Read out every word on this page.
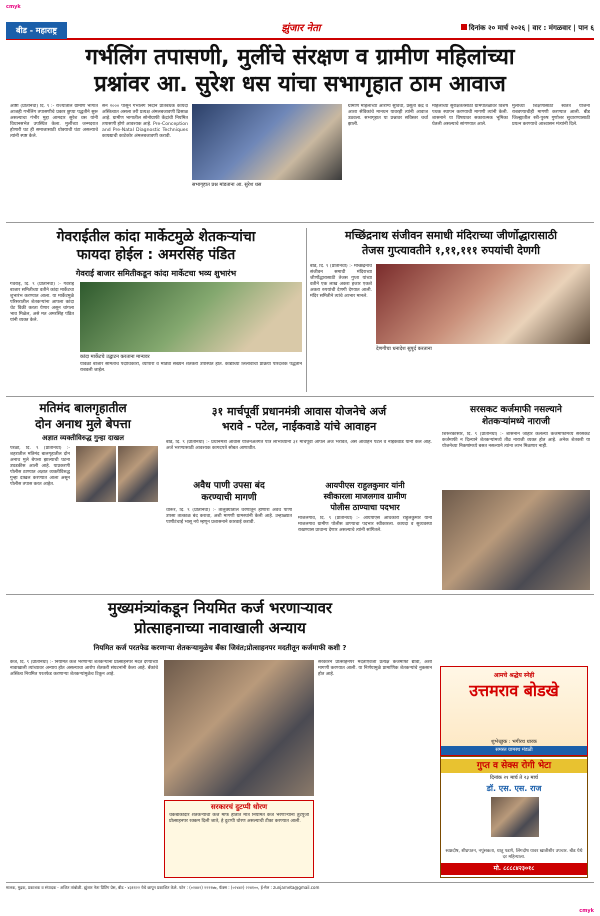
cmyk
बीड - महाराष्ट्र	झुंजार नेता	दिनांक २० मार्च २०२६ | वार : मंगळवार | पान ६
गर्भलिंग तपासणी, मुलींचे संरक्षण व ग्रामीण महिलांच्या
प्रश्नांवर आ. सुरेश धस यांचा सभागृहात ठाम आवाज
आष्टी (प्रतिनिधी) दि. ९ :- राज्यातील ग्रामीण भागात आजही गर्भलिंग तपासणीचे प्रकार छुप्या पद्धतीने सुरू असल्याचा गंभीर मुद्दा आमदार सुरेश धस यांनी विधानसभेत उपस्थित केला. मुलींच्या जन्मदरात होणारी घट ही समाजासाठी धोक्याची घंटा असल्याचे त्यांनी स्पष्ट केले.
सन २००० पासून गर्भलिंग निदान प्रतिबंधक कायदा अस्तित्वात असला तरी प्रत्यक्ष अंमलबजावणी ढिसाळ आहे. ग्रामीण भागातील सोनोग्राफी केंद्रांची नियमित तपासणी होणे आवश्यक आहे. Pre-Conception and Pre-Natal Diagnostic Techniques कायद्याची काटेकोर अंमलबजावणी करावी.
सभागृहात प्रश्न मांडताना आ. सुरेश धस
ग्रामीण महिलांच्या आरोग्य सुविधा, प्रसूती केंद्रे व आशा सेविकांचे मानधन यावरही त्यांनी आवाज उठवला. सभागृहात या प्रश्नावर सविस्तर चर्चा झाली.
महिलांच्या सुरक्षिततेसाठी ग्रामपातळीवर विशेष पथक स्थापन करण्याची मागणी त्यांनी केली. शासनाने या विषयावर सकारात्मक भूमिका घेतली असल्याचे सांगण्यात आले.
मुलींच्या शिक्षणासाठी स्वतंत्र योजना राबवण्याचीही मागणी करण्यात आली. बीड जिल्ह्यातील स्त्री-पुरुष गुणोत्तर सुधारण्यासाठी प्रयत्न करण्याचे आश्वासन मंत्र्यांनी दिले.
गेवराईतील कांदा मार्केटमुळे शेतकऱ्यांचा
फायदा होईल : अमरसिंह पंडित
गेवराई बाजार समितीकडून कांदा मार्केटचा भव्य शुभारंभ
गेवराई, दि. ९ (प्रतिनिधी) :- गेवराई बाजार समितीच्या वतीने कांदा मार्केटचा शुभारंभ करण्यात आला. या मार्केटमुळे परिसरातील शेतकऱ्यांना आपला कांदा थेट विक्री करता येणार असून चांगला भाव मिळेल, असे मत अमरसिंह पंडित यांनी व्यक्त केले.
कांदा मार्केटचे उद्घाटन करताना मान्यवर
यावेळी बाजार समितीचे पदाधिकारी, व्यापारी व मोठ्या संख्येने शेतकरी उपस्थित होते. कांद्याच्या लिलावाची प्रक्रिया पारदर्शक पद्धतीने राबवली जाईल.
मच्छिंद्रनाथ संजीवन समाधी मंदिराच्या जीर्णोद्धारासाठी
तेजस गुप्त्यावतीने १,११,१११ रुपयांची देणगी
बीड, दि. ९ (प्रतिनिधी) :- मच्छिंद्रनाथ संजीवन समाधी मंदिराच्या जीर्णोद्धारासाठी तेजस गुप्ता यांच्या वतीने एक लाख अकरा हजार एकशे अकरा रुपयांची देणगी देण्यात आली. मंदिर समितीने त्यांचे आभार मानले.
देणगीचा धनादेश सुपूर्द करताना
मतिमंद बालगृहातील
दोन अनाथ मुले बेपत्ता
अज्ञात व्यक्तीविरुद्ध गुन्हा दाखल
परळी, दि. ९ (प्रतिनिधी) :- शहरातील मतिमंद बालगृहातील दोन अनाथ मुले बेपत्ता झाल्याची घटना उघडकीस आली आहे. याप्रकरणी पोलीस ठाण्यात अज्ञात व्यक्तीविरुद्ध गुन्हा दाखल करण्यात आला असून पोलीस तपास करत आहेत.
३१ मार्चपूर्वी प्रधानमंत्री आवास योजनेचे अर्ज
भरावे - पटेल, नाईकवाडे यांचे आवाहन
बीड, दि. ९ (प्रतिनिधी) :- प्रधानमंत्री आवास योजनेअंतर्गत पात्र लाभार्थ्यांनी ३१ मार्चपूर्वी आपले अर्ज भरावेत, असे आवाहन पटेल व नाईकवाडे यांनी केले आहे. अर्ज भरण्यासाठी आवश्यक कागदपत्रे सोबत आणावीत.
अवैध पाणी उपसा बंद
करण्याची मागणी
धारूर, दि. ९ (प्रतिनिधी) :- तालुक्यातील धरणातून होणारा अवैध पाणी उपसा तात्काळ बंद करावा, अशी मागणी ग्रामस्थांनी केली आहे. उन्हाळ्यात पाणीटंचाई भासू नये म्हणून प्रशासनाने कारवाई करावी.
आयपीएस राहुलकुमार यांनी
स्वीकारला माजलगाव ग्रामीण
पोलीस ठाण्याचा पदभार
माजलगाव, दि. ९ (प्रतिनिधी) :- आयपीएस अधिकारी राहुलकुमार यांनी माजलगाव ग्रामीण पोलीस ठाण्याचा पदभार स्वीकारला. कायदा व सुव्यवस्था राखण्यास प्राधान्य देणार असल्याचे त्यांनी सांगितले.
सरसकट कर्जमाफी नसल्याने
शेतकऱ्यांमध्ये नाराजी
शिरूरकासार, दि. ९ (प्रतिनिधी) :- शासनाने जाहीर केलेल्या कर्जमाफीमध्ये सरसकट कर्जमाफी न दिल्याने शेतकऱ्यांमध्ये तीव्र नाराजी व्यक्त होत आहे. अनेक शेतकरी या योजनेच्या निकषांमध्ये बसत नसल्याने त्यांना लाभ मिळणार नाही.
मुख्यमंत्र्यांकडून नियमित कर्ज भरणाऱ्यावर
प्रोत्साहनाच्या नावाखाली अन्याय
नियमित कर्ज परतफेड करणाऱ्या शेतकऱ्यामुळेच बँका जिवंत;प्रोत्साहनपर मदतीतून कर्जमाफी कशी ?
केज, दि. ९ (प्रतिनिधी) :- नियमित कर्ज भरणाऱ्या शेतकऱ्यांना प्रोत्साहनपर मदत देण्याच्या नावाखाली त्यांच्यावर अन्याय होत असल्याचा आरोप शेतकरी संघटनांनी केला आहे. बँकांचे अस्तित्व नियमित परतफेड करणाऱ्या शेतकऱ्यांमुळेच टिकून आहे.
सरकारने प्रोत्साहनपर मदतीऐवजी प्रत्यक्ष कर्जमाफी द्यावी, अशी मागणी करण्यात आली. या निर्णयामुळे प्रामाणिक शेतकऱ्यांचे नुकसान होत आहे.
सरकारचं दुटप्पी धोरण
थकबाकीदार शेतकऱ्यांची कर्जे माफ होतात मात्र नियमित कर्ज भरणाऱ्यांना तुटपुंजी प्रोत्साहनपर रक्कम दिली जाते, हे दुटप्पी धोरण असल्याची टीका करण्यात आली.
आमचे श्रद्धेय स्नेही
उत्तमराव बोडखे
शुभेच्छुक : भगीरथ धारक
समस्त ग्रामस्थ मंडळी
गुप्त व सेक्स रोगी भेटा
दिनांक २१ मार्च ते २३ मार्च
डॉ. एस. एस. राज
स्वप्नदोष, शीघ्रपतन, नपुंसकता, धातु पडणे, लिंगदोष यावर खात्रीशीर उपचार. बीड येथे दर महिन्याला.
मो. ८८८८४२३०१८
मालक, मुद्रक, प्रकाशक व संपादक - अजित तांबोळी. झुंजार नेता प्रिंटिंग प्रेस, बीड - ४३११२२ येथे छापून प्रकाशित केले. फोन : (०२४४२) २२२२७७, फॅक्स : (०२४४२) २२४१००, ई-मेल : zunjarneta@gmail.com
cmyk
